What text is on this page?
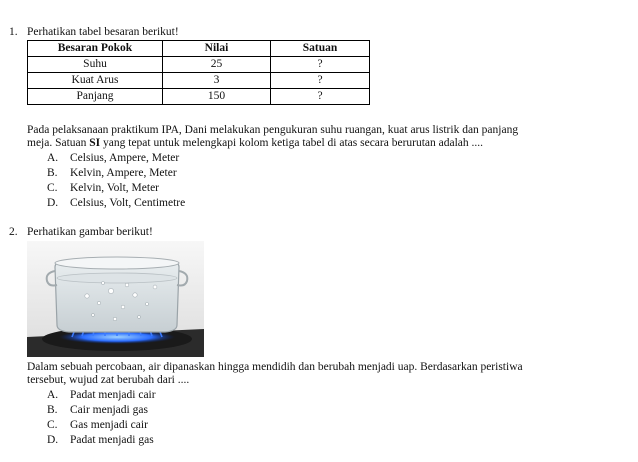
1. Perhatikan tabel besaran berikut!
Besaran Pokok	Nilai	Satuan
Suhu	25	?
Kuat Arus	3	?
Panjang	150	?
Pada pelaksanaan praktikum IPA, Dani melakukan pengukuran suhu ruangan, kuat arus listrik dan panjang
meja. Satuan SI yang tepat untuk melengkapi kolom ketiga tabel di atas secara berurutan adalah ....
A. Celsius, Ampere, Meter
B. Kelvin, Ampere, Meter
C. Kelvin, Volt, Meter
D. Celsius, Volt, Centimetre
2. Perhatikan gambar berikut!
Dalam sebuah percobaan, air dipanaskan hingga mendidih dan berubah menjadi uap. Berdasarkan peristiwa
tersebut, wujud zat berubah dari ....
A. Padat menjadi cair
B. Cair menjadi gas
C. Gas menjadi cair
D. Padat menjadi gas
